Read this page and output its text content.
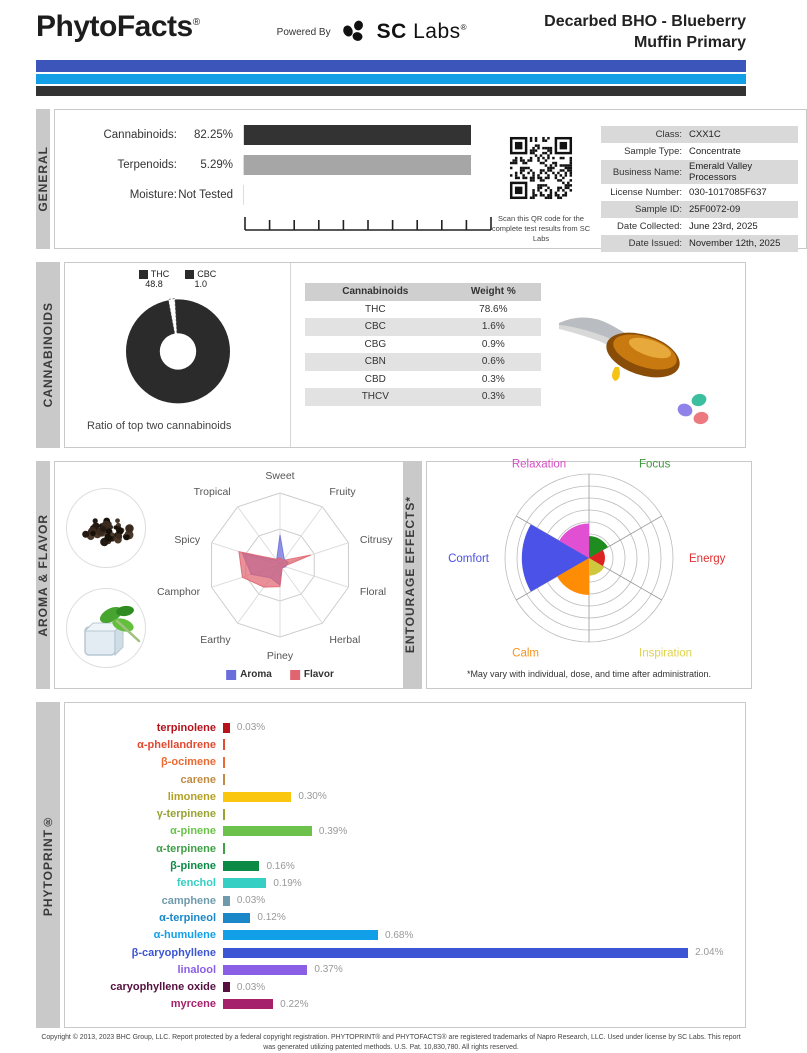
PhytoFacts®
Powered By SC Labs®	Decarbed BHO - Blueberry
Muffin Primary
GENERAL
Cannabinoids:	82.25%
Terpenoids:	5.29%
Moisture: Not Tested
Scan this QR code for the complete test results from SC Labs
Class: CXX1C
Sample Type: Concentrate
Business Name: Emerald Valley Processors
License Number: 030-1017085F637
Sample ID: 25F0072-09
Date Collected: June 23rd, 2025
Date Issued: November 12th, 2025
CANNABINOIDS
THC
48.8
CBC
1.0
Ratio of top two cannabinoids
Cannabinoids	Weight %
THC	78.6%
CBC	1.6%
CBG	0.9%
CBN	0.6%
CBD	0.3%
THCV	0.3%
AROMA & FLAVOR
Sweet
Fruity
Citrusy
Floral
Herbal
Piney
Earthy
Camphor
Spicy
Tropical
Aroma	Flavor
ENTOURAGE EFFECTS*
Focus
Energy
Inspiration
Calm
Comfort
Relaxation
*May vary with individual, dose, and time after administration.
PHYTOPRINT®
terpinolene	0.03%
α-phellandrene
β-ocimene
carene
limonene	0.30%
γ-terpinene
α-pinene	0.39%
α-terpinene
β-pinene	0.16%
fenchol	0.19%
camphene	0.03%
α-terpineol	0.12%
α-humulene	0.68%
β-caryophyllene	2.04%
linalool	0.37%
caryophyllene oxide	0.03%
myrcene	0.22%
Copyright © 2013, 2023 BHC Group, LLC. Report protected by a federal copyright registration. PHYTOPRINT® and PHYTOFACTS® are registered trademarks of Napro Research, LLC. Used under license by SC Labs. This report was generated utilizing patented methods. U.S. Pat. 10,830,780. All rights reserved.
